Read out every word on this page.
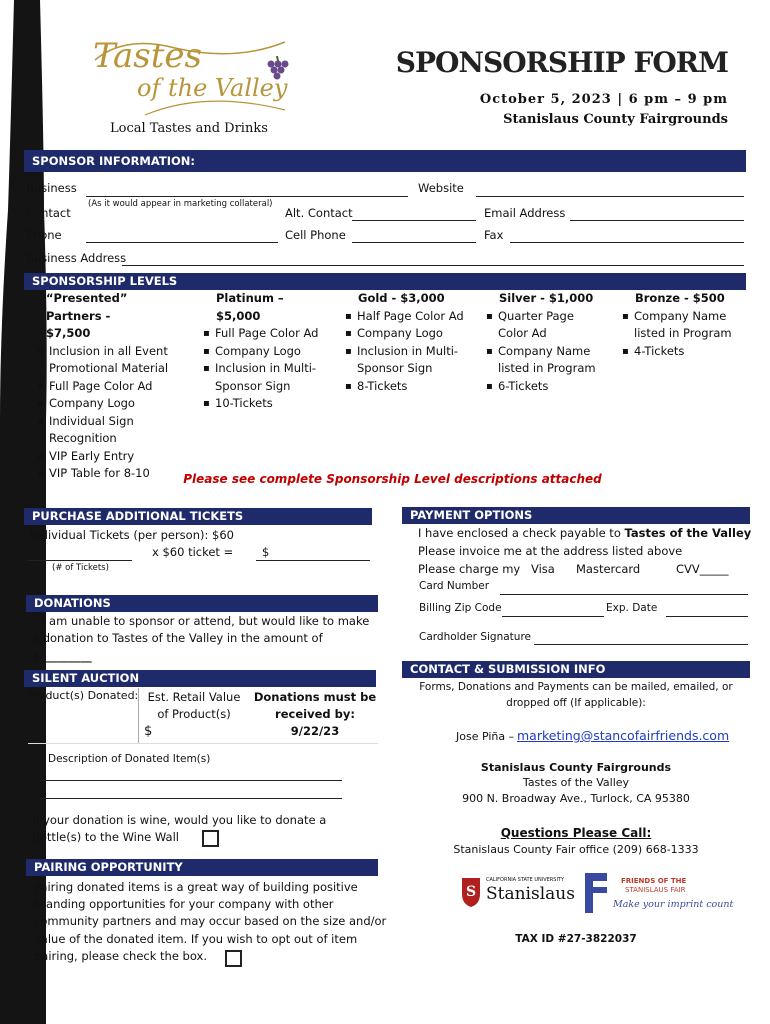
Tastes
of the Valley
Local Tastes and Drinks
SPONSORSHIP FORM
October 5, 2023 | 6 pm – 9 pm
Stanislaus County Fairgrounds
SPONSOR INFORMATION:
Business
(As it would appear in marketing collateral)
Website
Contact	Alt. Contact	Email Address
Phone	Cell Phone	Fax
Business Address
SPONSORSHIP LEVELS
“Presented” Partners -
$7,500
▪ Inclusion in all Event Promotional Material
▪ Full Page Color Ad
▪ Company Logo
▪ Individual Sign Recognition
▪ VIP Early Entry
▪ VIP Table for 8-10
Platinum – $5,000
▪ Full Page Color Ad
▪ Company Logo
▪ Inclusion in Multi-Sponsor Sign
▪ 10-Tickets
Gold - $3,000
▪ Half Page Color Ad
▪ Company Logo
▪ Inclusion in Multi-Sponsor Sign
▪ 8-Tickets
Silver - $1,000
▪ Quarter Page Color Ad
▪ Company Name listed in Program
▪ 6-Tickets
Bronze - $500
▪ Company Name listed in Program
▪ 4-Tickets
Please see complete Sponsorship Level descriptions attached
PURCHASE ADDITIONAL TICKETS
Individual Tickets (per person): $60
x $60 ticket =	$
(# of Tickets)
DONATIONS
I am unable to sponsor or attend, but would like to make
a donation to Tastes of the Valley in the amount of
$_________
SILENT AUCTION
Product(s) Donated: Est. Retail Value
of Product(s)
$
Donations must be
received by:
9/22/23
Description of Donated Item(s)
If your donation is wine, would you like to donate a
Bottle(s) to the Wine Wall
PAIRING OPPORTUNITY
Pairing donated items is a great way of building positive
branding opportunities for your company with other
community partners and may occur based on the size and/or
value of the donated item. If you wish to opt out of item
pairing, please check the box.
PAYMENT OPTIONS
I have enclosed a check payable to Tastes of the Valley
Please invoice me at the address listed above
Please charge my Visa Mastercard	CVV_____
Card Number
Billing Zip Code	Exp. Date
Cardholder Signature
CONTACT & SUBMISSION INFO
Forms, Donations and Payments can be mailed, emailed, or
dropped off (If applicable):
Jose Piña – marketing@stancofairfriends.com
Stanislaus County Fairgrounds
Tastes of the Valley
900 N. Broadway Ave., Turlock, CA 95380
Questions Please Call:
Stanislaus County Fair office (209) 668-1333
S
CALIFORNIA STATE UNIVERSITY
Stanislaus
FRIENDS OF THE
STANISLAUS FAIR
Make your imprint count
TAX ID #27-3822037
